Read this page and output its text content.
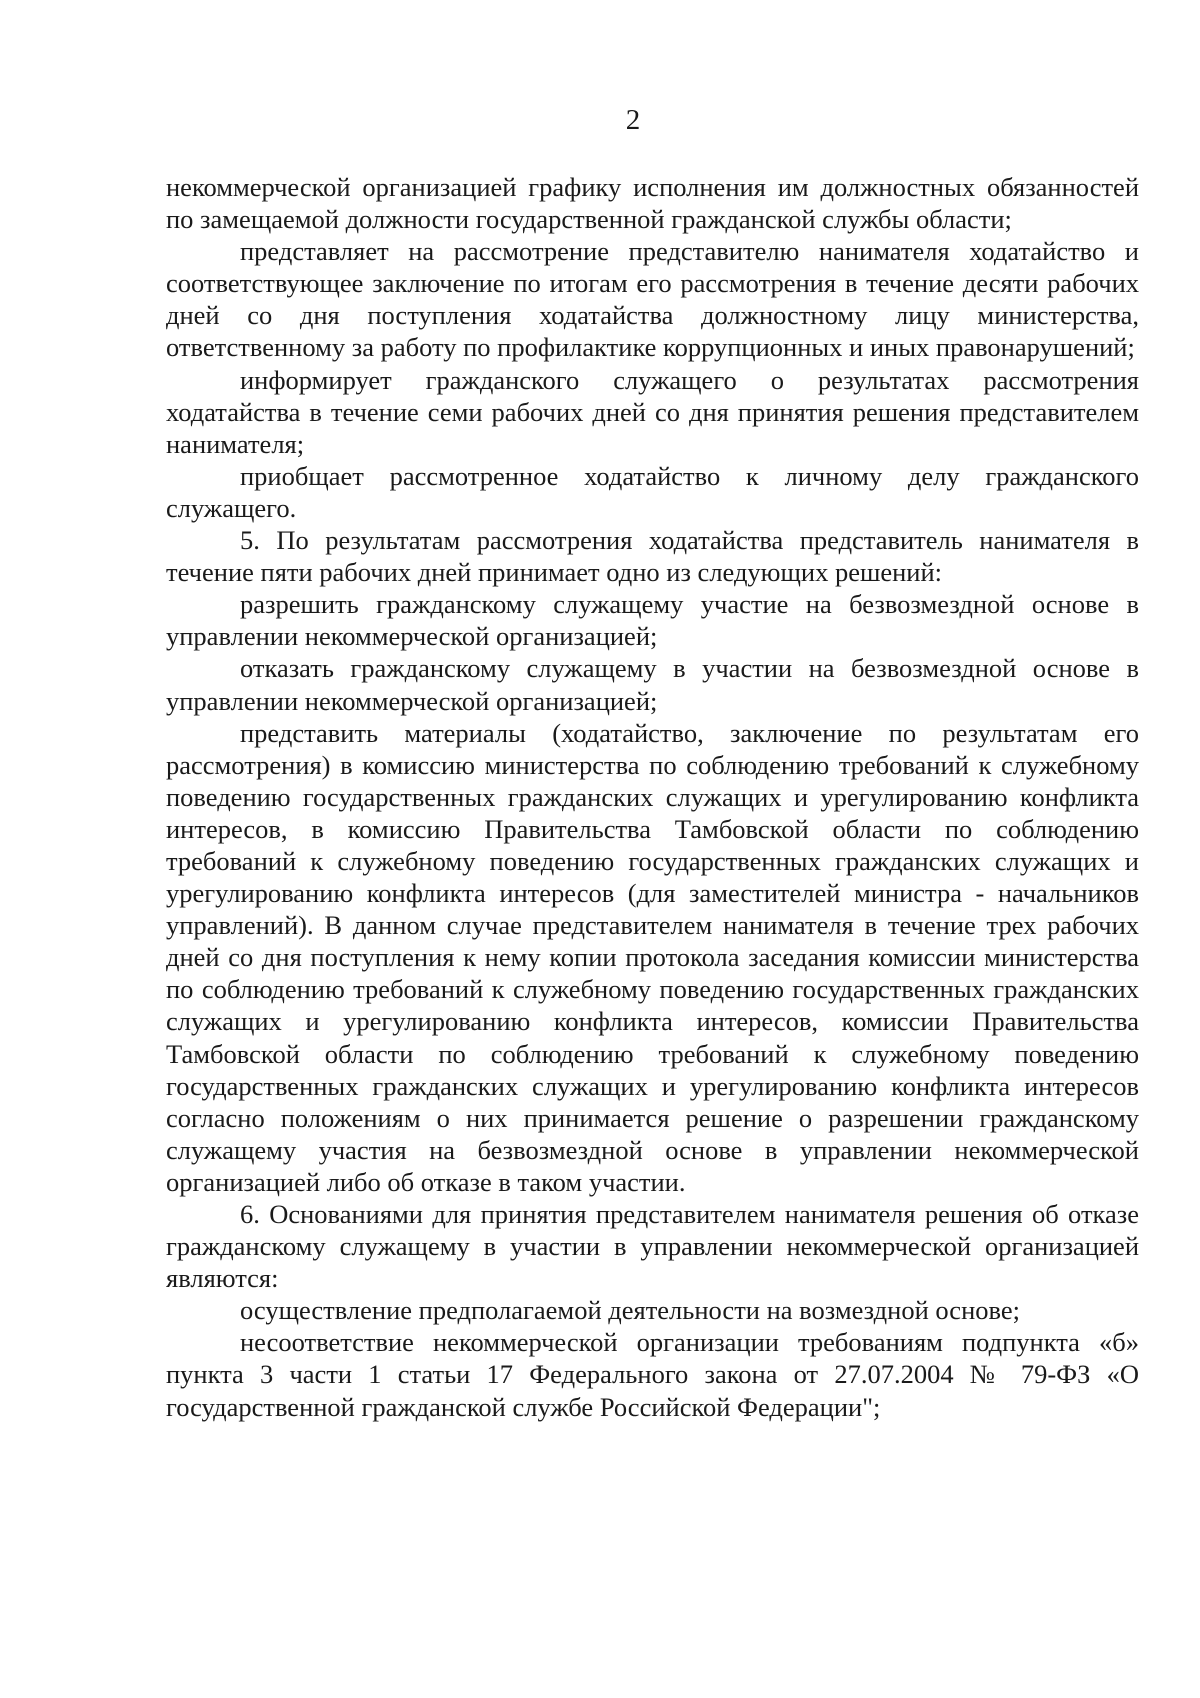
2

некоммерческой организацией графику исполнения им должностных обязанностей по замещаемой должности государственной гражданской службы области;

представляет на рассмотрение представителю нанимателя ходатайство и соответствующее заключение по итогам его рассмотрения в течение десяти рабочих дней со дня поступления ходатайства должностному лицу министерства, ответственному за работу по профилактике коррупционных и иных правонарушений;

информирует гражданского служащего о результатах рассмотрения ходатайства в течение семи рабочих дней со дня принятия решения представителем нанимателя;

приобщает рассмотренное ходатайство к личному делу гражданского служащего.

5. По результатам рассмотрения ходатайства представитель нанимателя в течение пяти рабочих дней принимает одно из следующих решений:

разрешить гражданскому служащему участие на безвозмездной основе в управлении некоммерческой организацией;

отказать гражданскому служащему в участии на безвозмездной основе в управлении некоммерческой организацией;

представить материалы (ходатайство, заключение по результатам его рассмотрения) в комиссию министерства по соблюдению требований к служебному поведению государственных гражданских служащих и урегулированию конфликта интересов, в комиссию Правительства Тамбовской области по соблюдению требований к служебному поведению государственных гражданских служащих и урегулированию конфликта интересов (для заместителей министра - начальников управлений). В данном случае представителем нанимателя в течение трех рабочих дней со дня поступления к нему копии протокола заседания комиссии министерства по соблюдению требований к служебному поведению государственных гражданских служащих и урегулированию конфликта интересов, комиссии Правительства Тамбовской области по соблюдению требований к служебному поведению государственных гражданских служащих и урегулированию конфликта интересов согласно положениям о них принимается решение о разрешении гражданскому служащему участия на безвозмездной основе в управлении некоммерческой организацией либо об отказе в таком участии.

6. Основаниями для принятия представителем нанимателя решения об отказе гражданскому служащему в участии в управлении некоммерческой организацией являются:

осуществление предполагаемой деятельности на возмездной основе;

несоответствие некоммерческой организации требованиям подпункта «б» пункта 3 части 1 статьи 17 Федерального закона от 27.07.2004 № 79-ФЗ «О государственной гражданской службе Российской Федерации";
